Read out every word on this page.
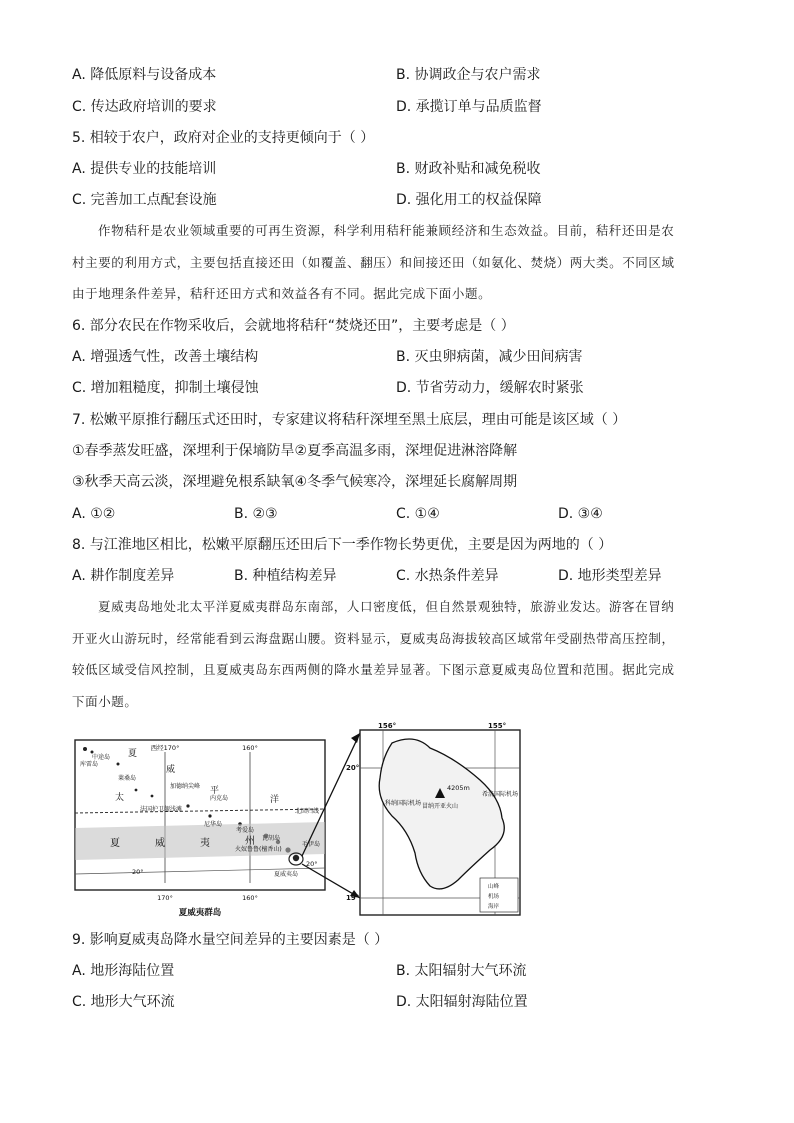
A. 降低原料与设备成本	B. 协调政企与农户需求
C. 传达政府培训的要求	D. 承揽订单与品质监督
5. 相较于农户，政府对企业的支持更倾向于（ ）
A. 提供专业的技能培训	B. 财政补贴和减免税收
C. 完善加工点配套设施	D. 强化用工的权益保障
作物秸秆是农业领域重要的可再生资源，科学利用秸秆能兼顾经济和生态效益。目前，秸秆还田是农
村主要的利用方式，主要包括直接还田（如覆盖、翻压）和间接还田（如氨化、焚烧）两大类。不同区域
由于地理条件差异，秸秆还田方式和效益各有不同。据此完成下面小题。
6. 部分农民在作物采收后，会就地将秸秆“焚烧还田”，主要考虑是（ ）
A. 增强透气性，改善土壤结构	B. 灭虫卵病菌，减少田间病害
C. 增加粗糙度，抑制土壤侵蚀	D. 节省劳动力，缓解农时紧张
7. 松嫩平原推行翻压式还田时，专家建议将秸秆深埋至黑土底层，理由可能是该区域（ ）
①春季蒸发旺盛，深埋利于保墒防旱②夏季高温多雨，深埋促进淋溶降解
③秋季天高云淡，深埋避免根系缺氧④冬季气候寒冷，深埋延长腐解周期
A. ①②	B. ②③	C. ①④	D. ③④
8. 与江淮地区相比，松嫩平原翻压还田后下一季作物长势更优，主要是因为两地的（ ）
A. 耕作制度差异	B. 种植结构差异	C. 水热条件差异	D. 地形类型差异
夏威夷岛地处北太平洋夏威夷群岛东南部，人口密度低，但自然景观独特，旅游业发达。游客在冒纳
开亚火山游玩时，经常能看到云海盘踞山腰。资料显示，夏威夷岛海拔较高区域常年受副热带高压控制，
较低区域受信风控制，且夏威夷岛东西两侧的降水量差异显著。下图示意夏威夷岛位置和范围。据此完成
下面小题。
西经170°	160°
170°	160°
20°
20°
北回归线
库雷岛
中途岛
莱桑岛
加德纳尖峰
内克岛
法国护卫舰浅滩
尼华岛
考爱岛
瓦胡岛
毛伊岛
火奴鲁鲁(檀香山)
夏威夷岛
夏
威
太
平
洋
夏	威	夷	州
夏威夷群岛
4205m
冒纳开亚火山
科纳国际机场
希洛国际机场
156°	155°
20°
19°
山峰
机场
海岸
9. 影响夏威夷岛降水量空间差异的主要因素是（ ）
A. 地形海陆位置	B. 太阳辐射大气环流
C. 地形大气环流	D. 太阳辐射海陆位置
